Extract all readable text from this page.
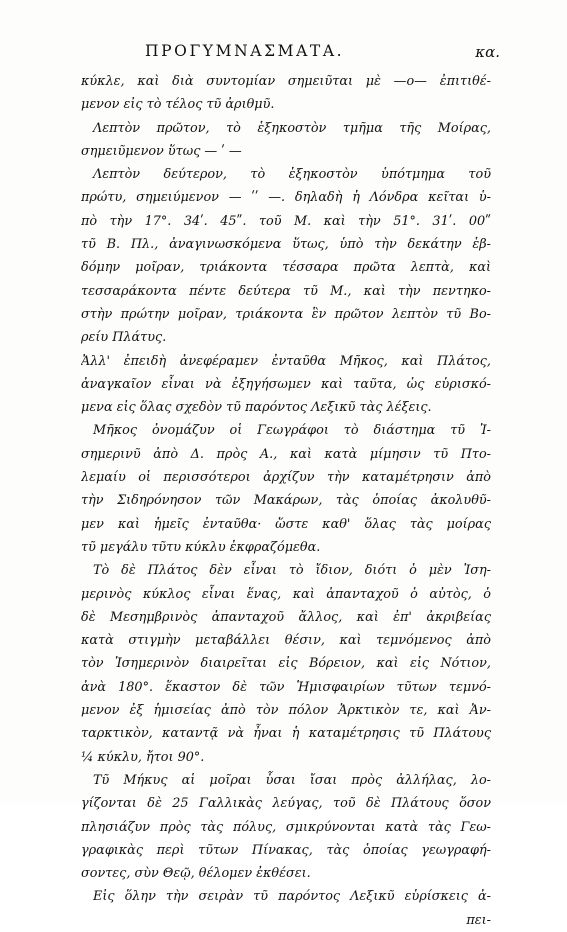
ΠΡΟΓΥΜΝΑΣΜΑΤΑ.	κα.
κύκλε, καὶ διὰ συντομίαν σημειῦται μὲ —ο— ἐπιτιθέ-
μενον εἰς τὸ τέλος τῦ ἀριθμῦ.
Λεπτὸν πρῶτον, τὸ ἑξηκοστὸν τμῆμα τῆς Μοίρας,
σημειῦμενον ὕτως — ʹ —
Λεπτὸν δεύτερον, τὸ ἑξηκοστὸν ὑπότμημα τοῦ
πρώτυ, σημειύμενον — ʹʹ —. δηλαδὴ ἡ Λόνδρα κεῖται ὑ-
πὸ τὴν 17°. 34ʹ. 45ʺ. τοῦ Μ. καὶ τὴν 51°. 31ʹ. 00ʺ
τῦ Β. Πλ., ἀναγινωσκόμενα ὕτως, ὑπὸ τὴν δεκάτην ἑβ-
δόμην μοῖραν, τριάκοντα τέσσαρα πρῶτα λεπτὰ, καὶ
τεσσαράκοντα πέντε δεύτερα τῦ Μ., καὶ τὴν πεντηκο-
στὴν πρώτην μοῖραν, τριάκοντα ἓν πρῶτον λεπτὸν τῦ Βο-
ρείυ Πλάτυς.
Ἀλλ' ἐπειδὴ ἀνεφέραμεν ἐνταῦθα Μῆκος, καὶ Πλάτος,
ἀναγκαῖον εἶναι νὰ ἐξηγήσωμεν καὶ ταῦτα, ὡς εὑρισκό-
μενα εἰς ὅλας σχεδὸν τῦ παρόντος Λεξικῦ τὰς λέξεις.
Μῆκος ὀνομάζυν οἱ Γεωγράφοι τὸ διάστημα τῦ Ἰ-
σημερινῦ ἀπὸ Δ. πρὸς Α., καὶ κατὰ μίμησιν τῦ Πτο-
λεμαίυ οἱ περισσότεροι ἀρχίζυν τὴν καταμέτρησιν ἀπὸ
τὴν Σιδηρόνησον τῶν Μακάρων, τὰς ὁποίας ἀκολυθῦ-
μεν καὶ ἡμεῖς ἐνταῦθα· ὥστε καθ' ὅλας τὰς μοίρας
τῦ μεγάλυ τῦτυ κύκλυ ἐκφραζόμεθα.
Τὸ δὲ Πλάτος δὲν εἶναι τὸ ἴδιον, διότι ὁ μὲν Ἰση-
μερινὸς κύκλος εἶναι ἕνας, καὶ ἀπανταχοῦ ὁ αὐτὸς, ὁ
δὲ Μεσημβρινὸς ἀπανταχοῦ ἄλλος, καὶ ἐπ' ἀκριβείας
κατὰ στιγμὴν μεταβάλλει θέσιν, καὶ τεμνόμενος ἀπὸ
τὸν Ἰσημερινὸν διαιρεῖται εἰς Βόρειον, καὶ εἰς Νότιον,
ἀνὰ 180°. ἕκαστον δὲ τῶν Ἡμισφαιρίων τῦτων τεμνό-
μενον ἐξ ἡμισείας ἀπὸ τὸν πόλον Ἀρκτικὸν τε, καὶ Ἀν-
ταρκτικὸν, καταντᾷ νὰ ἦναι ἡ καταμέτρησις τῦ Πλάτους
¼ κύκλυ, ἤτοι 90°.
Τῦ Μήκυς αἱ μοῖραι ὗσαι ἴσαι πρὸς ἀλλήλας, λο-
γίζονται δὲ 25 Γαλλικὰς λεύγας, τοῦ δὲ Πλάτους ὅσον
πλησιάζυν πρὸς τὰς πόλυς, σμικρύνονται κατὰ τὰς Γεω-
γραφικὰς περὶ τῦτων Πίνακας, τὰς ὁποίας γεωγραφή-
σοντες, σὺν Θεῷ, θέλομεν ἐκθέσει.
Εἰς ὅλην τὴν σειρὰν τῦ παρόντος Λεξικῦ εὑρίσκεις ἀ-
πει-
